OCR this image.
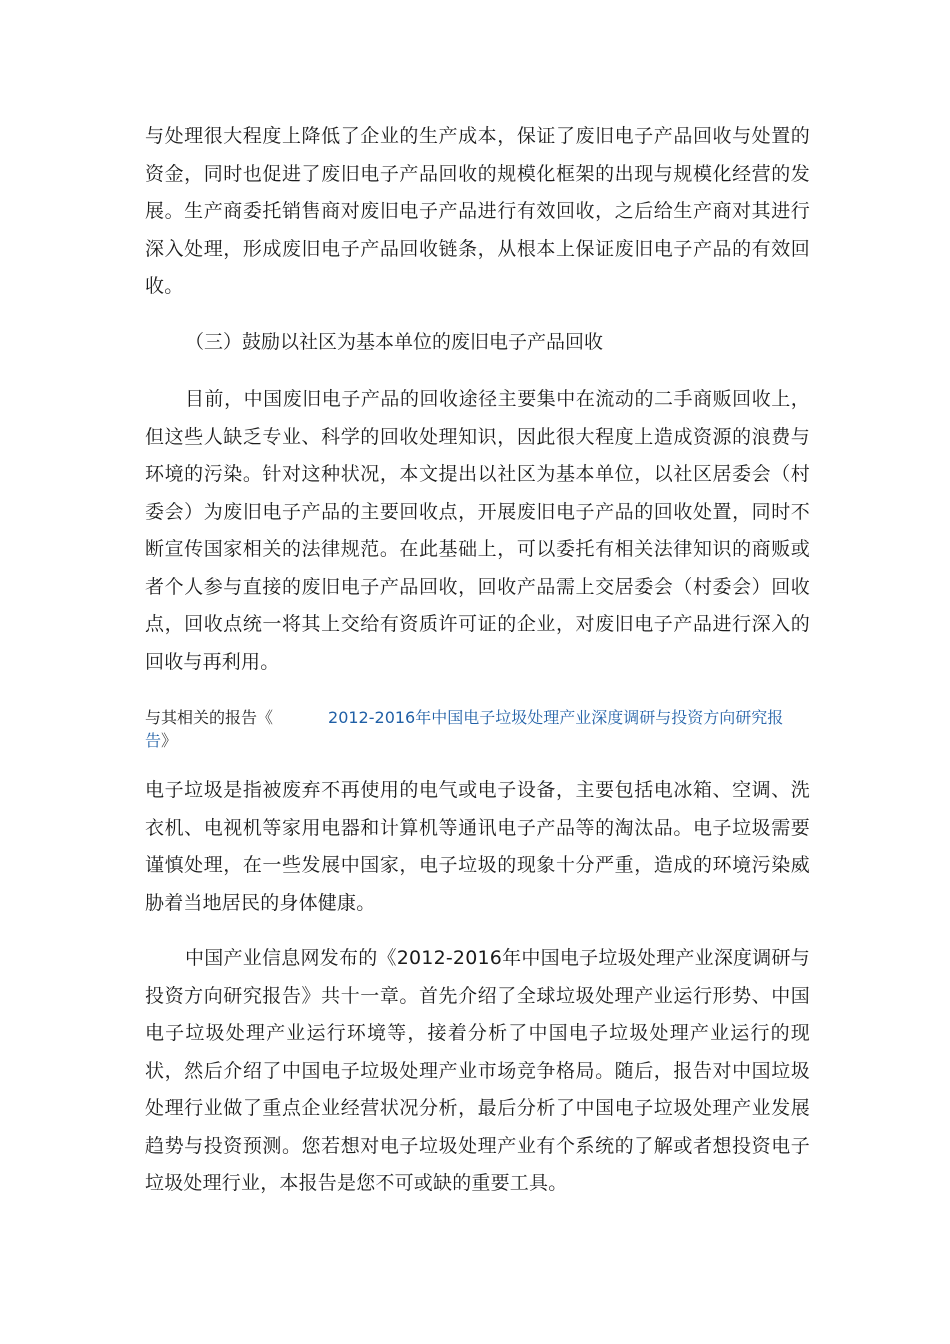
与处理很大程度上降低了企业的生产成本，保证了废旧电子产品回收与处置的资金，同时也促进了废旧电子产品回收的规模化框架的出现与规模化经营的发展。生产商委托销售商对废旧电子产品进行有效回收，之后给生产商对其进行深入处理，形成废旧电子产品回收链条，从根本上保证废旧电子产品的有效回收。

（三）鼓励以社区为基本单位的废旧电子产品回收

目前，中国废旧电子产品的回收途径主要集中在流动的二手商贩回收上，但这些人缺乏专业、科学的回收处理知识，因此很大程度上造成资源的浪费与环境的污染。针对这种状况，本文提出以社区为基本单位，以社区居委会（村委会）为废旧电子产品的主要回收点，开展废旧电子产品的回收处置，同时不断宣传国家相关的法律规范。在此基础上，可以委托有相关法律知识的商贩或者个人参与直接的废旧电子产品回收，回收产品需上交居委会（村委会）回收点，回收点统一将其上交给有资质许可证的企业，对废旧电子产品进行深入的回收与再利用。

与其相关的报告《	2012-2016年中国电子垃圾处理产业深度调研与投资方向研究报告》

电子垃圾是指被废弃不再使用的电气或电子设备，主要包括电冰箱、空调、洗衣机、电视机等家用电器和计算机等通讯电子产品等的淘汰品。电子垃圾需要谨慎处理，在一些发展中国家，电子垃圾的现象十分严重，造成的环境污染威胁着当地居民的身体健康。

中国产业信息网发布的《2012-2016年中国电子垃圾处理产业深度调研与投资方向研究报告》共十一章。首先介绍了全球垃圾处理产业运行形势、中国电子垃圾处理产业运行环境等，接着分析了中国电子垃圾处理产业运行的现状，然后介绍了中国电子垃圾处理产业市场竞争格局。随后，报告对中国垃圾处理行业做了重点企业经营状况分析，最后分析了中国电子垃圾处理产业发展趋势与投资预测。您若想对电子垃圾处理产业有个系统的了解或者想投资电子垃圾处理行业，本报告是您不可或缺的重要工具。
